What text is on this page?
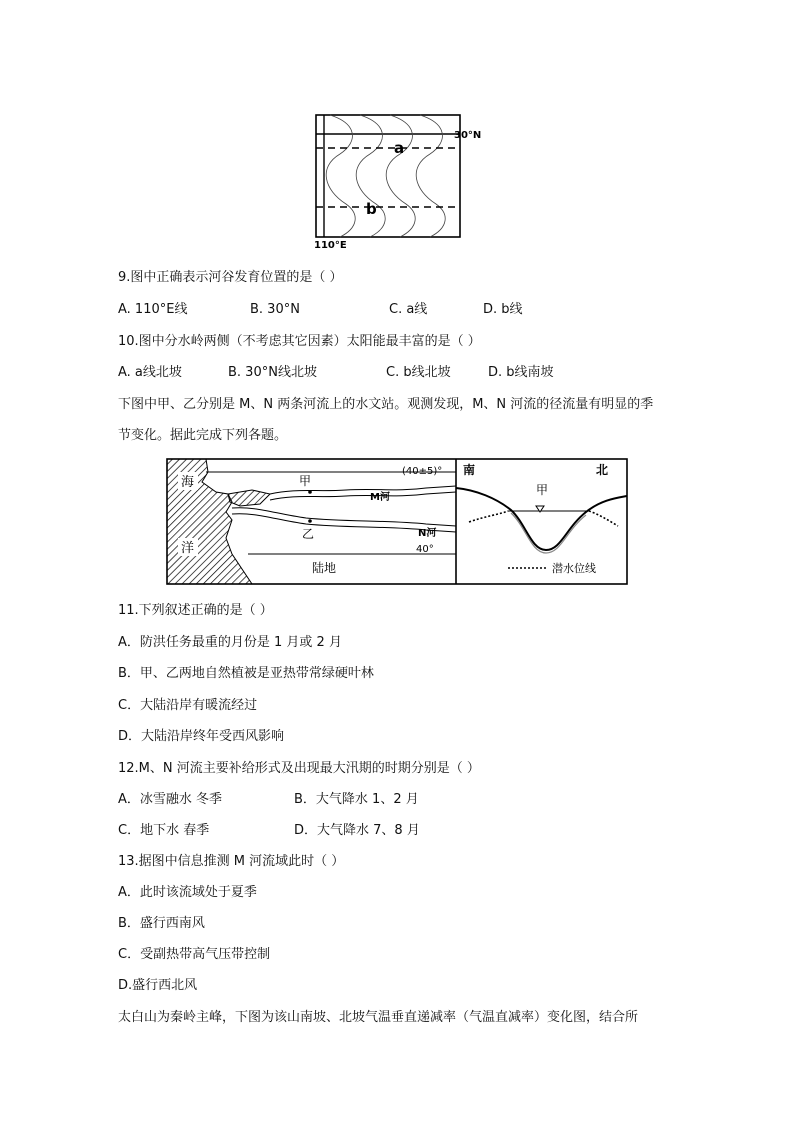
a
b
30°N
110°E
9.图中正确表示河谷发育位置的是（ ）
A. 110°E线	B. 30°N	C. a线	D. b线
10.图中分水岭两侧（不考虑其它因素）太阳能最丰富的是（ ）
A. a线北坡	B. 30°N线北坡	C. b线北坡	D. b线南坡
下图中甲、乙分别是 M、N 两条河流上的水文站。观测发现，M、N 河流的径流量有明显的季
节变化。据此完成下列各题。
海
洋
(40±5)°
甲
M河
乙	N河
40°
陆地
南	北
甲
潜水位线
11.下列叙述正确的是（ ）
A．防洪任务最重的月份是 1 月或 2 月
B．甲、乙两地自然植被是亚热带常绿硬叶林
C．大陆沿岸有暖流经过
D．大陆沿岸终年受西风影响
12.M、N 河流主要补给形式及出现最大汛期的时期分别是（ ）
A．冰雪融水 冬季	B．大气降水 1、2 月
C．地下水 春季	D．大气降水 7、8 月
13.据图中信息推测 M 河流域此时（ ）
A．此时该流域处于夏季
B．盛行西南风
C．受副热带高气压带控制
D.盛行西北风
太白山为秦岭主峰，下图为该山南坡、北坡气温垂直递减率（气温直减率）变化图，结合所
